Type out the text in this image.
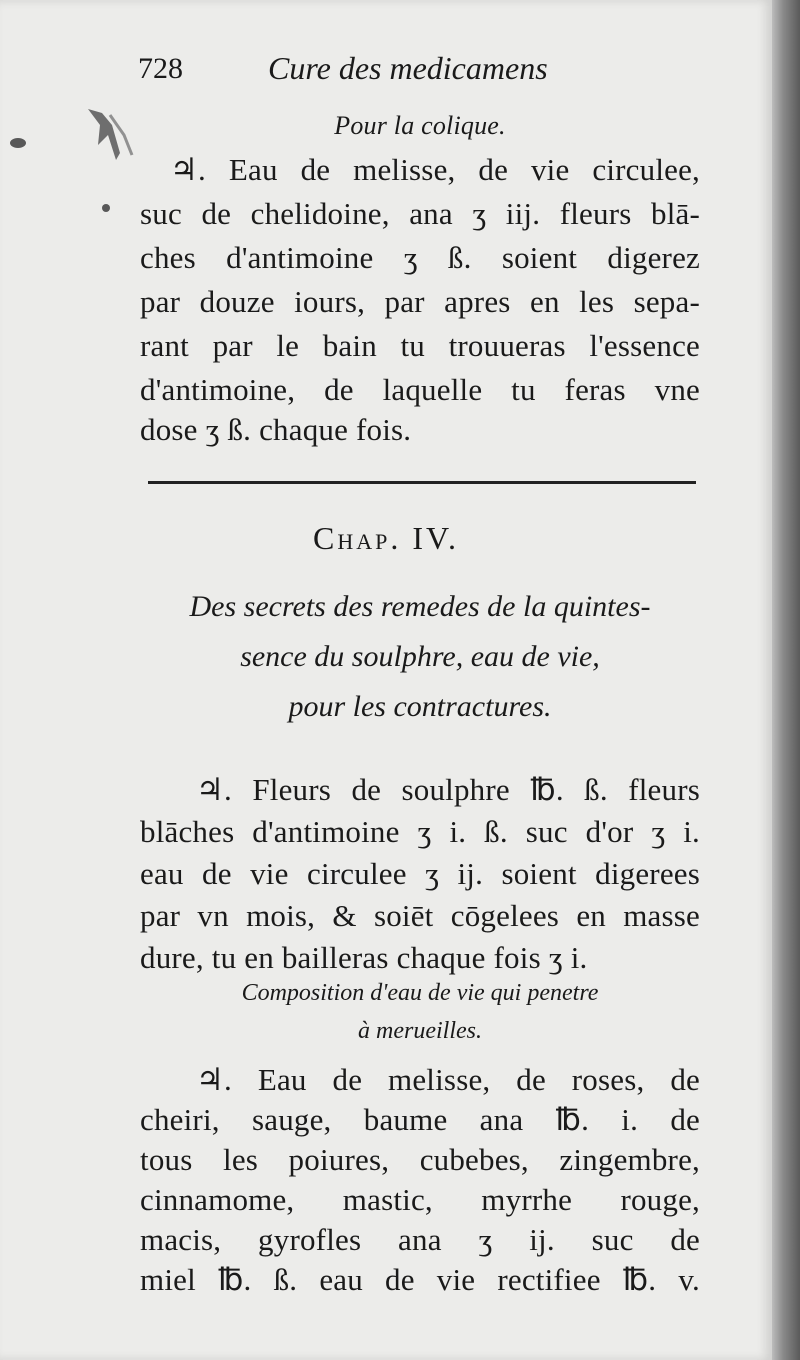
728	Cure des medicamens
Pour la colique.
♃. Eau de melisse, de vie circulee,
suc de chelidoine, ana ʒ iij. fleurs blā-
ches d'antimoine ʒ ß. soient digerez
par douze iours, par apres en les sepa-
rant par le bain tu trouueras l'essence
d'antimoine, de laquelle tu feras vne
dose ʒ ß. chaque fois.
Chap. IV.
Des secrets des remedes de la quintes-
sence du soulphre, eau de vie,
pour les contractures.
♃. Fleurs de soulphre ℔. ß. fleurs
blāches d'antimoine ʒ i. ß. suc d'or ʒ i.
eau de vie circulee ʒ ij. soient digerees
par vn mois, & soiēt cōgelees en masse
dure, tu en bailleras chaque fois ʒ i.
Composition d'eau de vie qui penetre
à merueilles.
♃. Eau de melisse, de roses, de
cheiri, sauge, baume ana ℔. i. de
tous les poiures, cubebes, zingembre,
cinnamome, mastic, myrrhe rouge,
macis, gyrofles ana ʒ ij. suc de
miel ℔. ß. eau de vie rectifiee ℔. v.
